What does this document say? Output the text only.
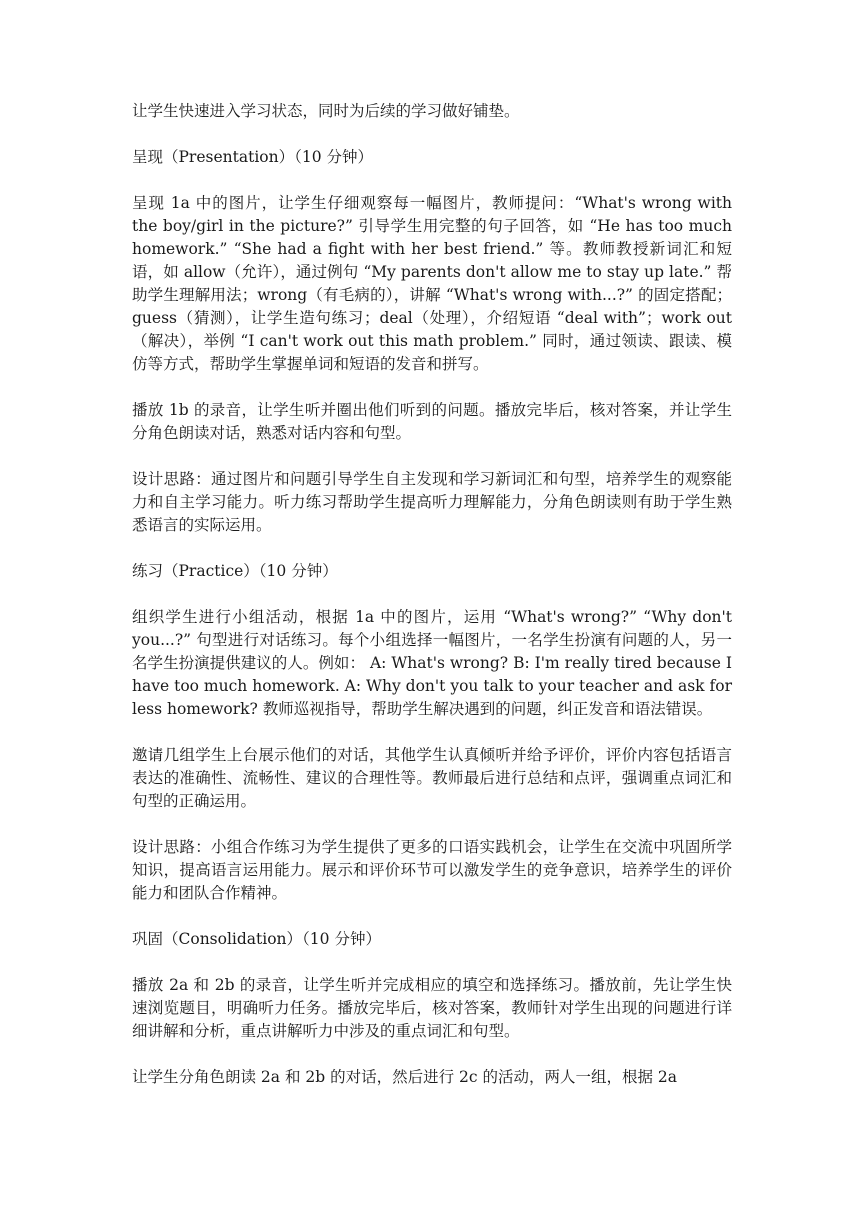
让学生快速进入学习状态，同时为后续的学习做好铺垫。

呈现（Presentation）（10 分钟）

呈现 1a 中的图片，让学生仔细观察每一幅图片，教师提问：“What's wrong with the boy/girl in the picture?” 引导学生用完整的句子回答，如 “He has too much homework.” “She had a fight with her best friend.” 等。教师教授新词汇和短语，如 allow（允许），通过例句 “My parents don't allow me to stay up late.” 帮助学生理解用法；wrong（有毛病的），讲解 “What's wrong with...?” 的固定搭配；guess（猜测），让学生造句练习；deal（处理），介绍短语 “deal with”；work out（解决），举例 “I can't work out this math problem.” 同时，通过领读、跟读、模仿等方式，帮助学生掌握单词和短语的发音和拼写。

播放 1b 的录音，让学生听并圈出他们听到的问题。播放完毕后，核对答案，并让学生分角色朗读对话，熟悉对话内容和句型。

设计思路：通过图片和问题引导学生自主发现和学习新词汇和句型，培养学生的观察能力和自主学习能力。听力练习帮助学生提高听力理解能力，分角色朗读则有助于学生熟悉语言的实际运用。

练习（Practice）（10 分钟）

组织学生进行小组活动，根据 1a 中的图片，运用 “What's wrong?” “Why don't you...?” 句型进行对话练习。每个小组选择一幅图片，一名学生扮演有问题的人，另一名学生扮演提供建议的人。例如： A: What's wrong? B: I'm really tired because I have too much homework. A: Why don't you talk to your teacher and ask for less homework? 教师巡视指导，帮助学生解决遇到的问题，纠正发音和语法错误。

邀请几组学生上台展示他们的对话，其他学生认真倾听并给予评价，评价内容包括语言表达的准确性、流畅性、建议的合理性等。教师最后进行总结和点评，强调重点词汇和句型的正确运用。

设计思路：小组合作练习为学生提供了更多的口语实践机会，让学生在交流中巩固所学知识，提高语言运用能力。展示和评价环节可以激发学生的竞争意识，培养学生的评价能力和团队合作精神。

巩固（Consolidation）（10 分钟）

播放 2a 和 2b 的录音，让学生听并完成相应的填空和选择练习。播放前，先让学生快速浏览题目，明确听力任务。播放完毕后，核对答案，教师针对学生出现的问题进行详细讲解和分析，重点讲解听力中涉及的重点词汇和句型。

让学生分角色朗读 2a 和 2b 的对话，然后进行 2c 的活动，两人一组，根据 2a
